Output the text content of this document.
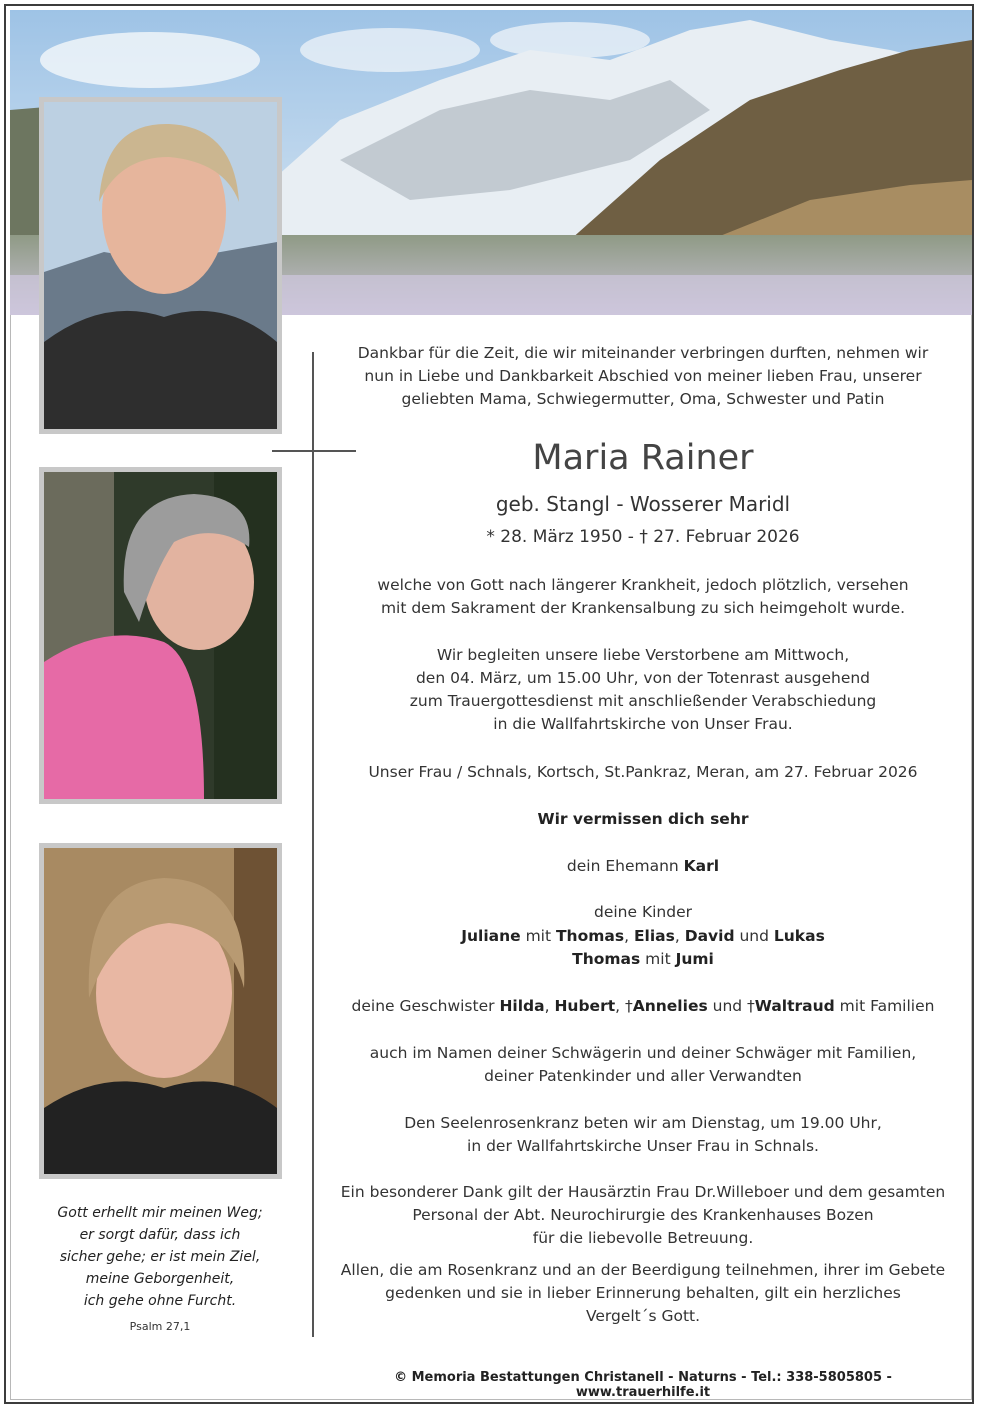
Gott erhellt mir meinen Weg;
er sorgt dafür, dass ich
sicher gehe; er ist mein Ziel,
meine Geborgenheit,
ich gehe ohne Furcht.
Psalm 27,1
Dankbar für die Zeit, die wir miteinander verbringen durften, nehmen wir
nun in Liebe und Dankbarkeit Abschied von meiner lieben Frau, unserer
geliebten Mama, Schwiegermutter, Oma, Schwester und Patin
Maria Rainer
geb. Stangl - Wosserer Maridl
* 28. März 1950 - † 27. Februar 2026
welche von Gott nach längerer Krankheit, jedoch plötzlich, versehen
mit dem Sakrament der Krankensalbung zu sich heimgeholt wurde.
Wir begleiten unsere liebe Verstorbene am Mittwoch,
den 04. März, um 15.00 Uhr, von der Totenrast ausgehend
zum Trauergottesdienst mit anschließender Verabschiedung
in die Wallfahrtskirche von Unser Frau.
Unser Frau / Schnals, Kortsch, St.Pankraz, Meran, am 27. Februar 2026
Wir vermissen dich sehr
dein Ehemann Karl
deine Kinder
Juliane mit Thomas, Elias, David und Lukas
Thomas mit Jumi
deine Geschwister Hilda, Hubert, †Annelies und †Waltraud mit Familien
auch im Namen deiner Schwägerin und deiner Schwäger mit Familien,
deiner Patenkinder und aller Verwandten
Den Seelenrosenkranz beten wir am Dienstag, um 19.00 Uhr,
in der Wallfahrtskirche Unser Frau in Schnals.
Ein besonderer Dank gilt der Hausärztin Frau Dr.Willeboer und dem gesamten
Personal der Abt. Neurochirurgie des Krankenhauses Bozen
für die liebevolle Betreuung.
Allen, die am Rosenkranz und an der Beerdigung teilnehmen, ihrer im Gebete
gedenken und sie in lieber Erinnerung behalten, gilt ein herzliches
Vergelt´s Gott.
© Memoria Bestattungen Christanell - Naturns - Tel.: 338-5805805 - www.trauerhilfe.it
